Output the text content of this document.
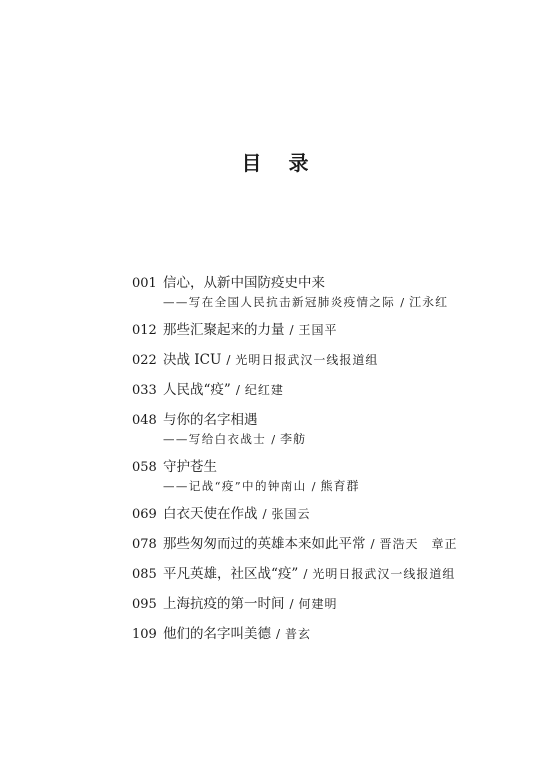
目 录
001 信心，从新中国防疫史中来
——写在全国人民抗击新冠肺炎疫情之际 / 江永红
012 那些汇聚起来的力量 / 王国平
022 决战 ICU / 光明日报武汉一线报道组
033 人民战“疫” / 纪红建
048 与你的名字相遇
——写给白衣战士 / 李舫
058 守护苍生
——记战“疫”中的钟南山 / 熊育群
069 白衣天使在作战 / 张国云
078 那些匆匆而过的英雄本来如此平常 / 晋浩天　章正
085 平凡英雄，社区战“疫” / 光明日报武汉一线报道组
095 上海抗疫的第一时间 / 何建明
109 他们的名字叫美德 / 普玄
